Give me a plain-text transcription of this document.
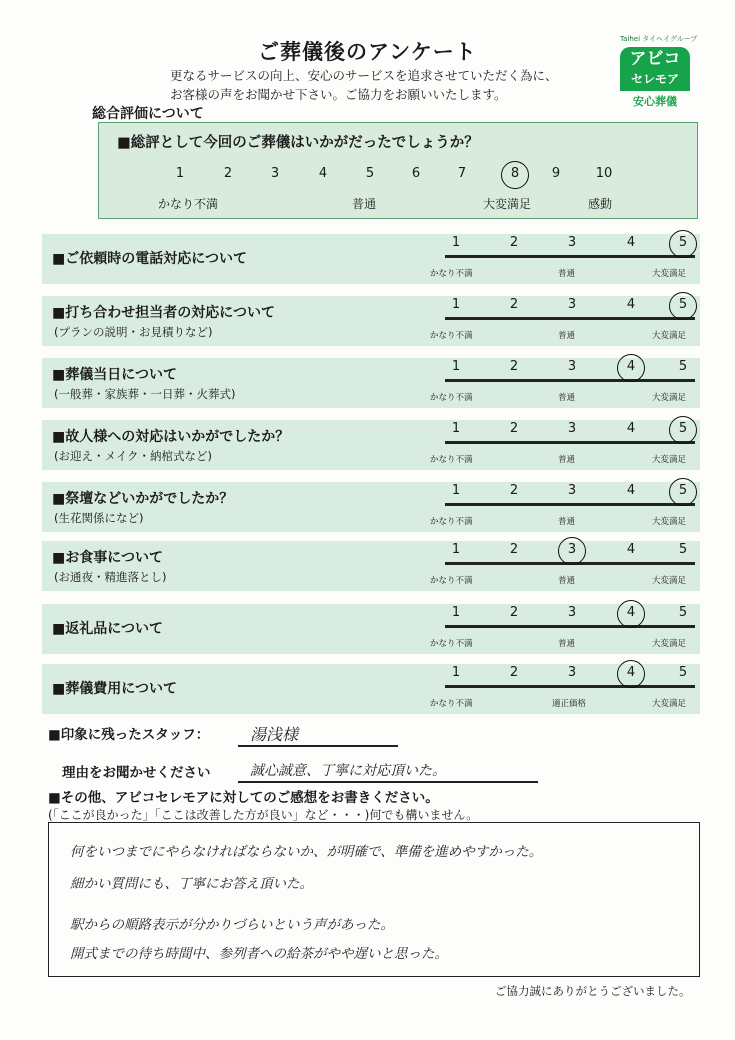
ご葬儀後のアンケート
更なるサービスの向上、安心のサービスを追求させていただく為に、
お客様の声をお聞かせ下さい。ご協力をお願いいたします。
Taihei タイヘイグループ
アビコ
セレモア
安心葬儀
総合評価について
■総評として今回のご葬儀はいかがだったでしょうか？
1	2	3	4	5	6	7	8	9	10
かなり不満	普通	大変満足	感動
■ご依頼時の電話対応について
1	2	3	4	5
かなり不満	普通	大変満足
■打ち合わせ担当者の対応について
(プランの説明・お見積りなど)
1	2	3	4	5
かなり不満	普通	大変満足
■葬儀当日について
(一般葬・家族葬・一日葬・火葬式)
1	2	3	4	5
かなり不満	普通	大変満足
■故人様への対応はいかがでしたか？
(お迎え・メイク・納棺式など)
1	2	3	4	5
かなり不満	普通	大変満足
■祭壇などいかがでしたか？
(生花関係になど)
1	2	3	4	5
かなり不満	普通	大変満足
■お食事について
(お通夜・精進落とし)
1	2	3	4	5
かなり不満	普通	大変満足
■返礼品について
1	2	3	4	5
かなり不満	普通	大変満足
■葬儀費用について
1	2	3	4	5
かなり不満	適正価格	大変満足
■印象に残ったスタッフ：	湯浅様
理由をお聞かせください	誠心誠意、丁寧に対応頂いた。
■その他、アビコセレモアに対してのご感想をお書きください。
(「ここが良かった」「ここは改善した方が良い」など・・・)何でも構いません。
何をいつまでにやらなければならないか、が明確で、準備を進めやすかった。
細かい質問にも、丁寧にお答え頂いた。
駅からの順路表示が分かりづらいという声があった。
開式までの待ち時間中、参列者への給茶がやや遅いと思った。
ご協力誠にありがとうございました。
